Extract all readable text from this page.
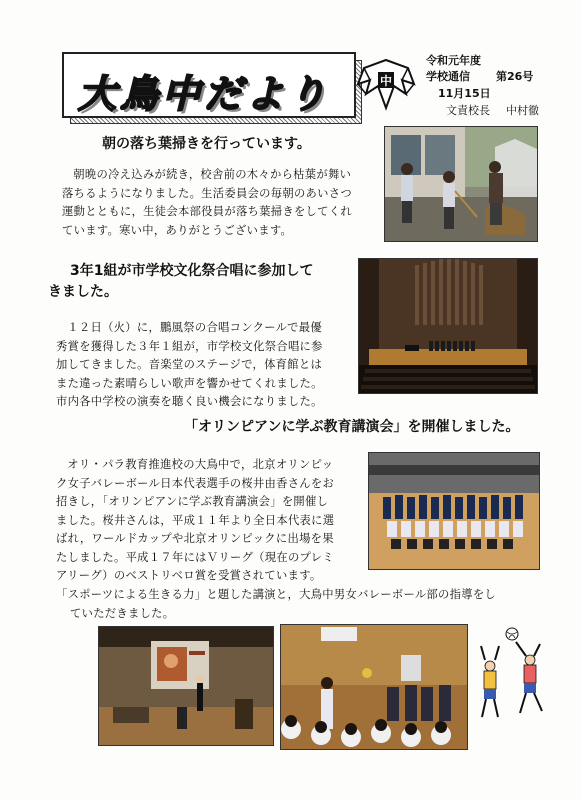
大鳥中だより	中
令和元年度
学校通信 第26号
11月15日
文責校長 中村徹
朝の落ち葉掃きを行っています。
朝晩の冷え込みが続き，校舎前の木々から枯葉が舞い
落ちるようになりました。生活委員会の毎朝のあいさつ
運動とともに，生徒会本部役員が落ち葉掃きをしてくれ
ています。寒い中，ありがとうございます。
3年1組が市学校文化祭合唱に参加して
きました。
１２日（火）に，鵬風祭の合唱コンクールで最優
秀賞を獲得した３年１組が，市学校文化祭合唱に参
加してきました。音楽堂のステージで，体育館とは
また違った素晴らしい歌声を響かせてくれました。
市内各中学校の演奏を聴く良い機会になりました。
「オリンピアンに学ぶ教育講演会」を開催しました。
オリ・パラ教育推進校の大鳥中で，北京オリンピッ
ク女子バレーボール日本代表選手の桜井由香さんをお
招きし，「オリンピアンに学ぶ教育講演会」を開催し
ました。桜井さんは，平成１１年より全日本代表に選
ばれ，ワールドカップや北京オリンピックに出場を果
たしました。平成１７年にはＶリーグ（現在のプレミ
アリーグ）のベストリベロ賞を受賞されています。
「スポーツによる生きる力」と題した講演と，大鳥中男女バレーボール部の指導をし
ていただきました。
